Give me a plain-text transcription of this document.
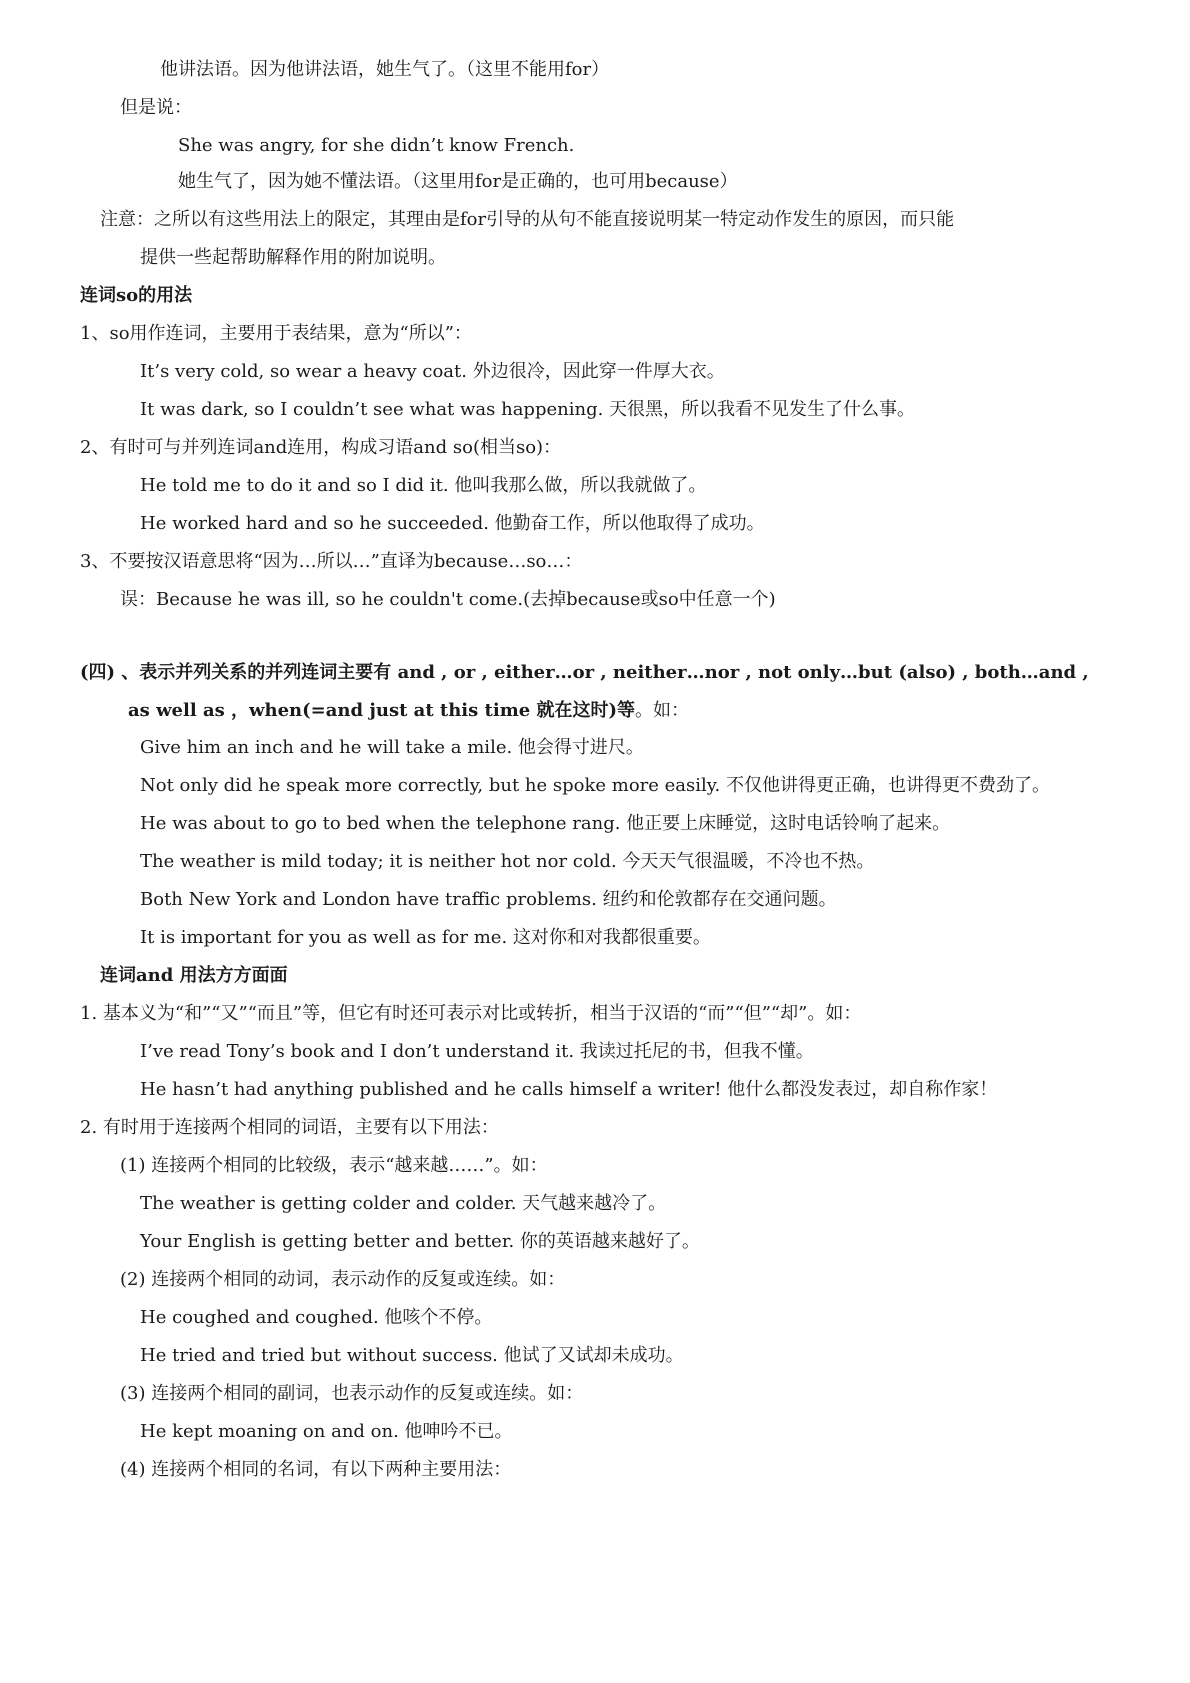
他讲法语。因为他讲法语，她生气了。（这里不能用for）
但是说：
She was angry, for she didn’t know French.
她生气了，因为她不懂法语。（这里用for是正确的，也可用because）
注意：之所以有这些用法上的限定，其理由是for引导的从句不能直接说明某一特定动作发生的原因，而只能
提供一些起帮助解释作用的附加说明。
连词so的用法
1、so用作连词，主要用于表结果，意为“所以”：
It’s very cold, so wear a heavy coat. 外边很冷，因此穿一件厚大衣。
It was dark, so I couldn’t see what was happening. 天很黑，所以我看不见发生了什么事。
2、有时可与并列连词and连用，构成习语and so(相当so)：
He told me to do it and so I did it. 他叫我那么做，所以我就做了。
He worked hard and so he succeeded. 他勤奋工作，所以他取得了成功。
3、不要按汉语意思将“因为…所以…”直译为because…so…：
误：Because he was ill, so he couldn't come.(去掉because或so中任意一个)
(四) 、表示并列关系的并列连词主要有 and , or , either…or , neither…nor , not only…but (also) , both…and ,
as well as ，when(=and just at this time 就在这时)等。如：
Give him an inch and he will take a mile. 他会得寸进尺。
Not only did he speak more correctly, but he spoke more easily. 不仅他讲得更正确，也讲得更不费劲了。
He was about to go to bed when the telephone rang. 他正要上床睡觉，这时电话铃响了起来。
The weather is mild today; it is neither hot nor cold. 今天天气很温暖，不冷也不热。
Both New York and London have traffic problems. 纽约和伦敦都存在交通问题。
It is important for you as well as for me. 这对你和对我都很重要。
连词and 用法方方面面
1. 基本义为“和”“又”“而且”等，但它有时还可表示对比或转折，相当于汉语的“而”“但”“却”。如：
I’ve read Tony’s book and I don’t understand it. 我读过托尼的书，但我不懂。
He hasn’t had anything published and he calls himself a writer! 他什么都没发表过，却自称作家！
2. 有时用于连接两个相同的词语，主要有以下用法：
(1) 连接两个相同的比较级，表示“越来越……”。如：
The weather is getting colder and colder. 天气越来越冷了。
Your English is getting better and better. 你的英语越来越好了。
(2) 连接两个相同的动词，表示动作的反复或连续。如：
He coughed and coughed. 他咳个不停。
He tried and tried but without success. 他试了又试却未成功。
(3) 连接两个相同的副词，也表示动作的反复或连续。如：
He kept moaning on and on. 他呻吟不已。
(4) 连接两个相同的名词，有以下两种主要用法：
